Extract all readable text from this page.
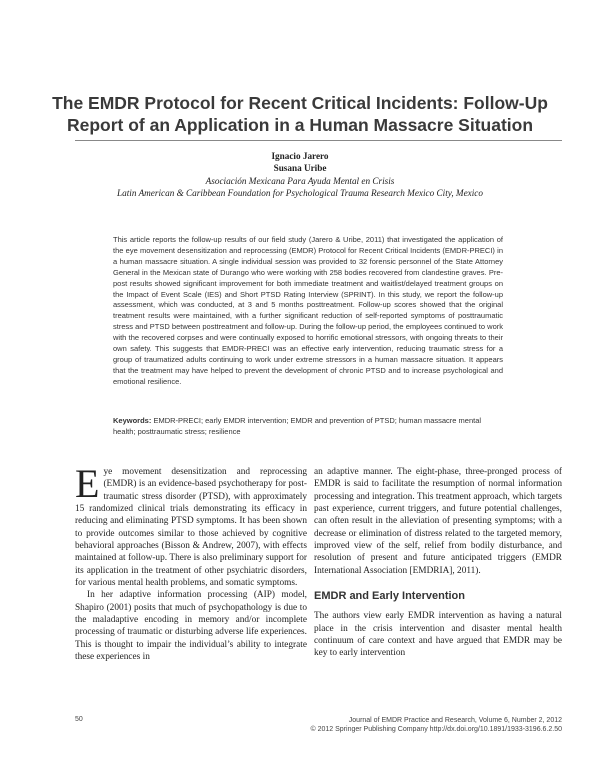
The EMDR Protocol for Recent Critical Incidents: Follow-Up
Report of an Application in a Human Massacre Situation
Ignacio Jarero
Susana Uribe
Asociación Mexicana Para Ayuda Mental en Crisis
Latin American & Caribbean Foundation for Psychological Trauma Research Mexico City, Mexico

This article reports the follow-up results of our field study (Jarero & Uribe, 2011) that investigated the application of the eye movement desensitization and reprocessing (EMDR) Protocol for Recent Critical Incidents (EMDR-PRECI) in a human massacre situation. A single individual session was provided to 32 forensic personnel of the State Attorney General in the Mexican state of Durango who were working with 258 bodies recovered from clandestine graves. Pre-post results showed significant improvement for both immediate treatment and waitlist/delayed treatment groups on the Impact of Event Scale (IES) and Short PTSD Rating Interview (SPRINT). In this study, we report the follow-up assessment, which was conducted, at 3 and 5 months posttreatment. Follow-up scores showed that the original treatment results were maintained, with a further significant reduction of self-reported symptoms of posttraumatic stress and PTSD between posttreatment and follow-up. During the follow-up period, the employees continued to work with the recovered corpses and were continually exposed to horrific emotional stressors, with ongoing threats to their own safety. This suggests that EMDR-PRECI was an effective early intervention, reducing traumatic stress for a group of traumatized adults continuing to work under extreme stressors in a human massacre situation. It appears that the treatment may have helped to prevent the development of chronic PTSD and to increase psychological and emotional resilience.

Keywords: EMDR-PRECI; early EMDR intervention; EMDR and prevention of PTSD; human massacre mental health; posttraumatic stress; resilience

Eye movement desensitization and reprocessing (EMDR) is an evidence-based psychotherapy for post-traumatic stress disorder (PTSD), with approximately 15 randomized clinical trials demonstrating its efficacy in reducing and eliminating PTSD symptoms. It has been shown to provide outcomes similar to those achieved by cognitive behavioral approaches (Bisson & Andrew, 2007), with effects maintained at follow-up. There is also preliminary support for its application in the treatment of other psychiatric disorders, for various mental health problems, and somatic symptoms.

In her adaptive information processing (AIP) model, Shapiro (2001) posits that much of psychopathology is due to the maladaptive encoding in memory and/or incomplete processing of traumatic or disturbing adverse life experiences. This is thought to impair the individual’s ability to integrate these experiences in

an adaptive manner. The eight-phase, three-pronged process of EMDR is said to facilitate the resumption of normal information processing and integration. This treatment approach, which targets past experience, current triggers, and future potential challenges, can often result in the alleviation of presenting symptoms; with a decrease or elimination of distress related to the targeted memory, improved view of the self, relief from bodily disturbance, and resolution of present and future anticipated triggers (EMDR International Association [EMDRIA], 2011).

EMDR and Early Intervention

The authors view early EMDR intervention as having a natural place in the crisis intervention and disaster mental health continuum of care context and have argued that EMDR may be key to early intervention

50	Journal of EMDR Practice and Research, Volume 6, Number 2, 2012
© 2012 Springer Publishing Company http://dx.doi.org/10.1891/1933-3196.6.2.50
